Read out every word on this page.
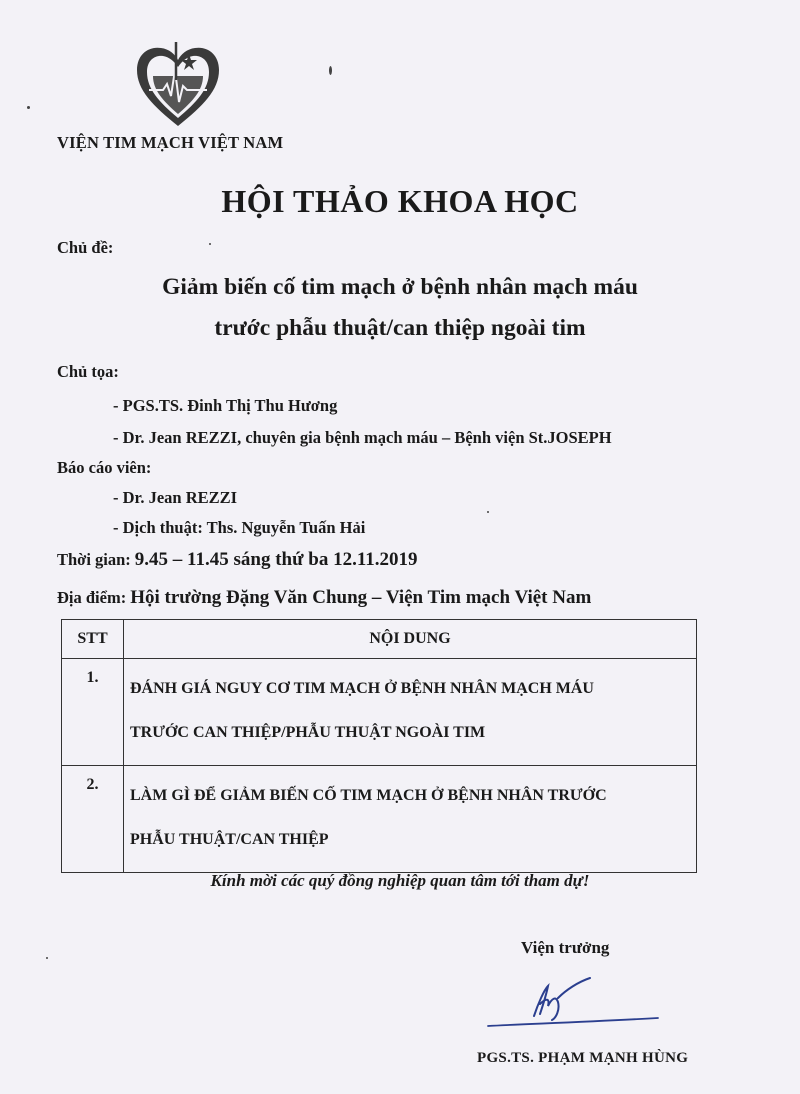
VIỆN TIM MẠCH VIỆT NAM
HỘI THẢO KHOA HỌC
Chủ đề:
Giảm biến cố tim mạch ở bệnh nhân mạch máu
trước phẫu thuật/can thiệp ngoài tim
Chủ tọa:
- PGS.TS. Đinh Thị Thu Hương
- Dr. Jean REZZI, chuyên gia bệnh mạch máu – Bệnh viện St.JOSEPH
Báo cáo viên:
- Dr. Jean REZZI
- Dịch thuật: Ths. Nguyễn Tuấn Hải
Thời gian: 9.45 – 11.45 sáng thứ ba 12.11.2019
Địa điểm: Hội trường Đặng Văn Chung – Viện Tim mạch Việt Nam
STT	NỘI DUNG
1.	ĐÁNH GIÁ NGUY CƠ TIM MẠCH Ở BỆNH NHÂN MẠCH MÁU
TRƯỚC CAN THIỆP/PHẪU THUẬT NGOÀI TIM

2.	LÀM GÌ ĐỂ GIẢM BIẾN CỐ TIM MẠCH Ở BỆNH NHÂN TRƯỚC
PHẪU THUẬT/CAN THIỆP
Kính mời các quý đồng nghiệp quan tâm tới tham dự!
Viện trưởng
PGS.TS. PHẠM MẠNH HÙNG
